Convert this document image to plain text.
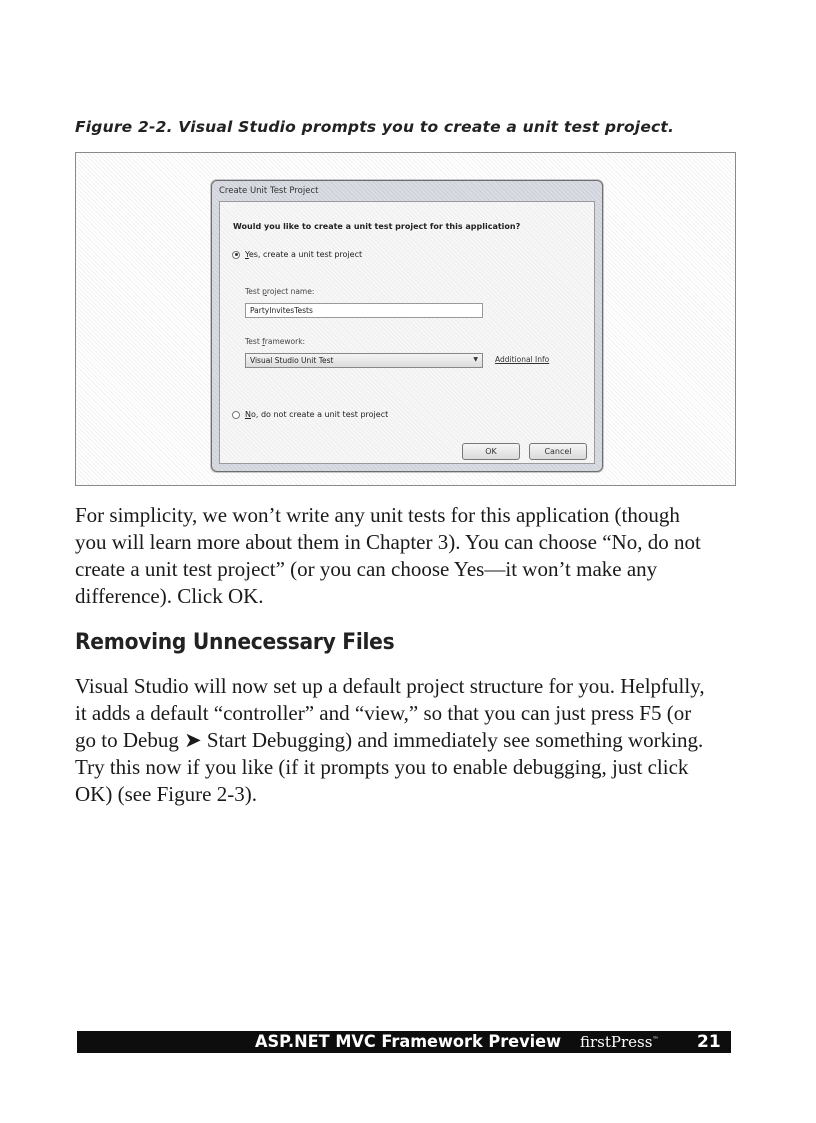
Figure 2-2. Visual Studio prompts you to create a unit test project.
Create Unit Test Project
Would you like to create a unit test project for this application?
Yes, create a unit test project
Test project name:
PartyInvitesTests
Test framework:
Visual Studio Unit Test	▼ Additional Info
No, do not create a unit test project
OK	Cancel

For simplicity, we won’t write any unit tests for this application (though
you will learn more about them in Chapter 3). You can choose “No, do not
create a unit test project” (or you can choose Yes—it won’t make any
difference). Click OK.

Removing Unnecessary Files

Visual Studio will now set up a default project structure for you. Helpfully,
it adds a default “controller” and “view,” so that you can just press F5 (or
go to Debug ➤ Start Debugging) and immediately see something working.
Try this now if you like (if it prompts you to enable debugging, just click
OK) (see Figure 2-3).

ASP.NET MVC Framework Preview firstPress™ 21
